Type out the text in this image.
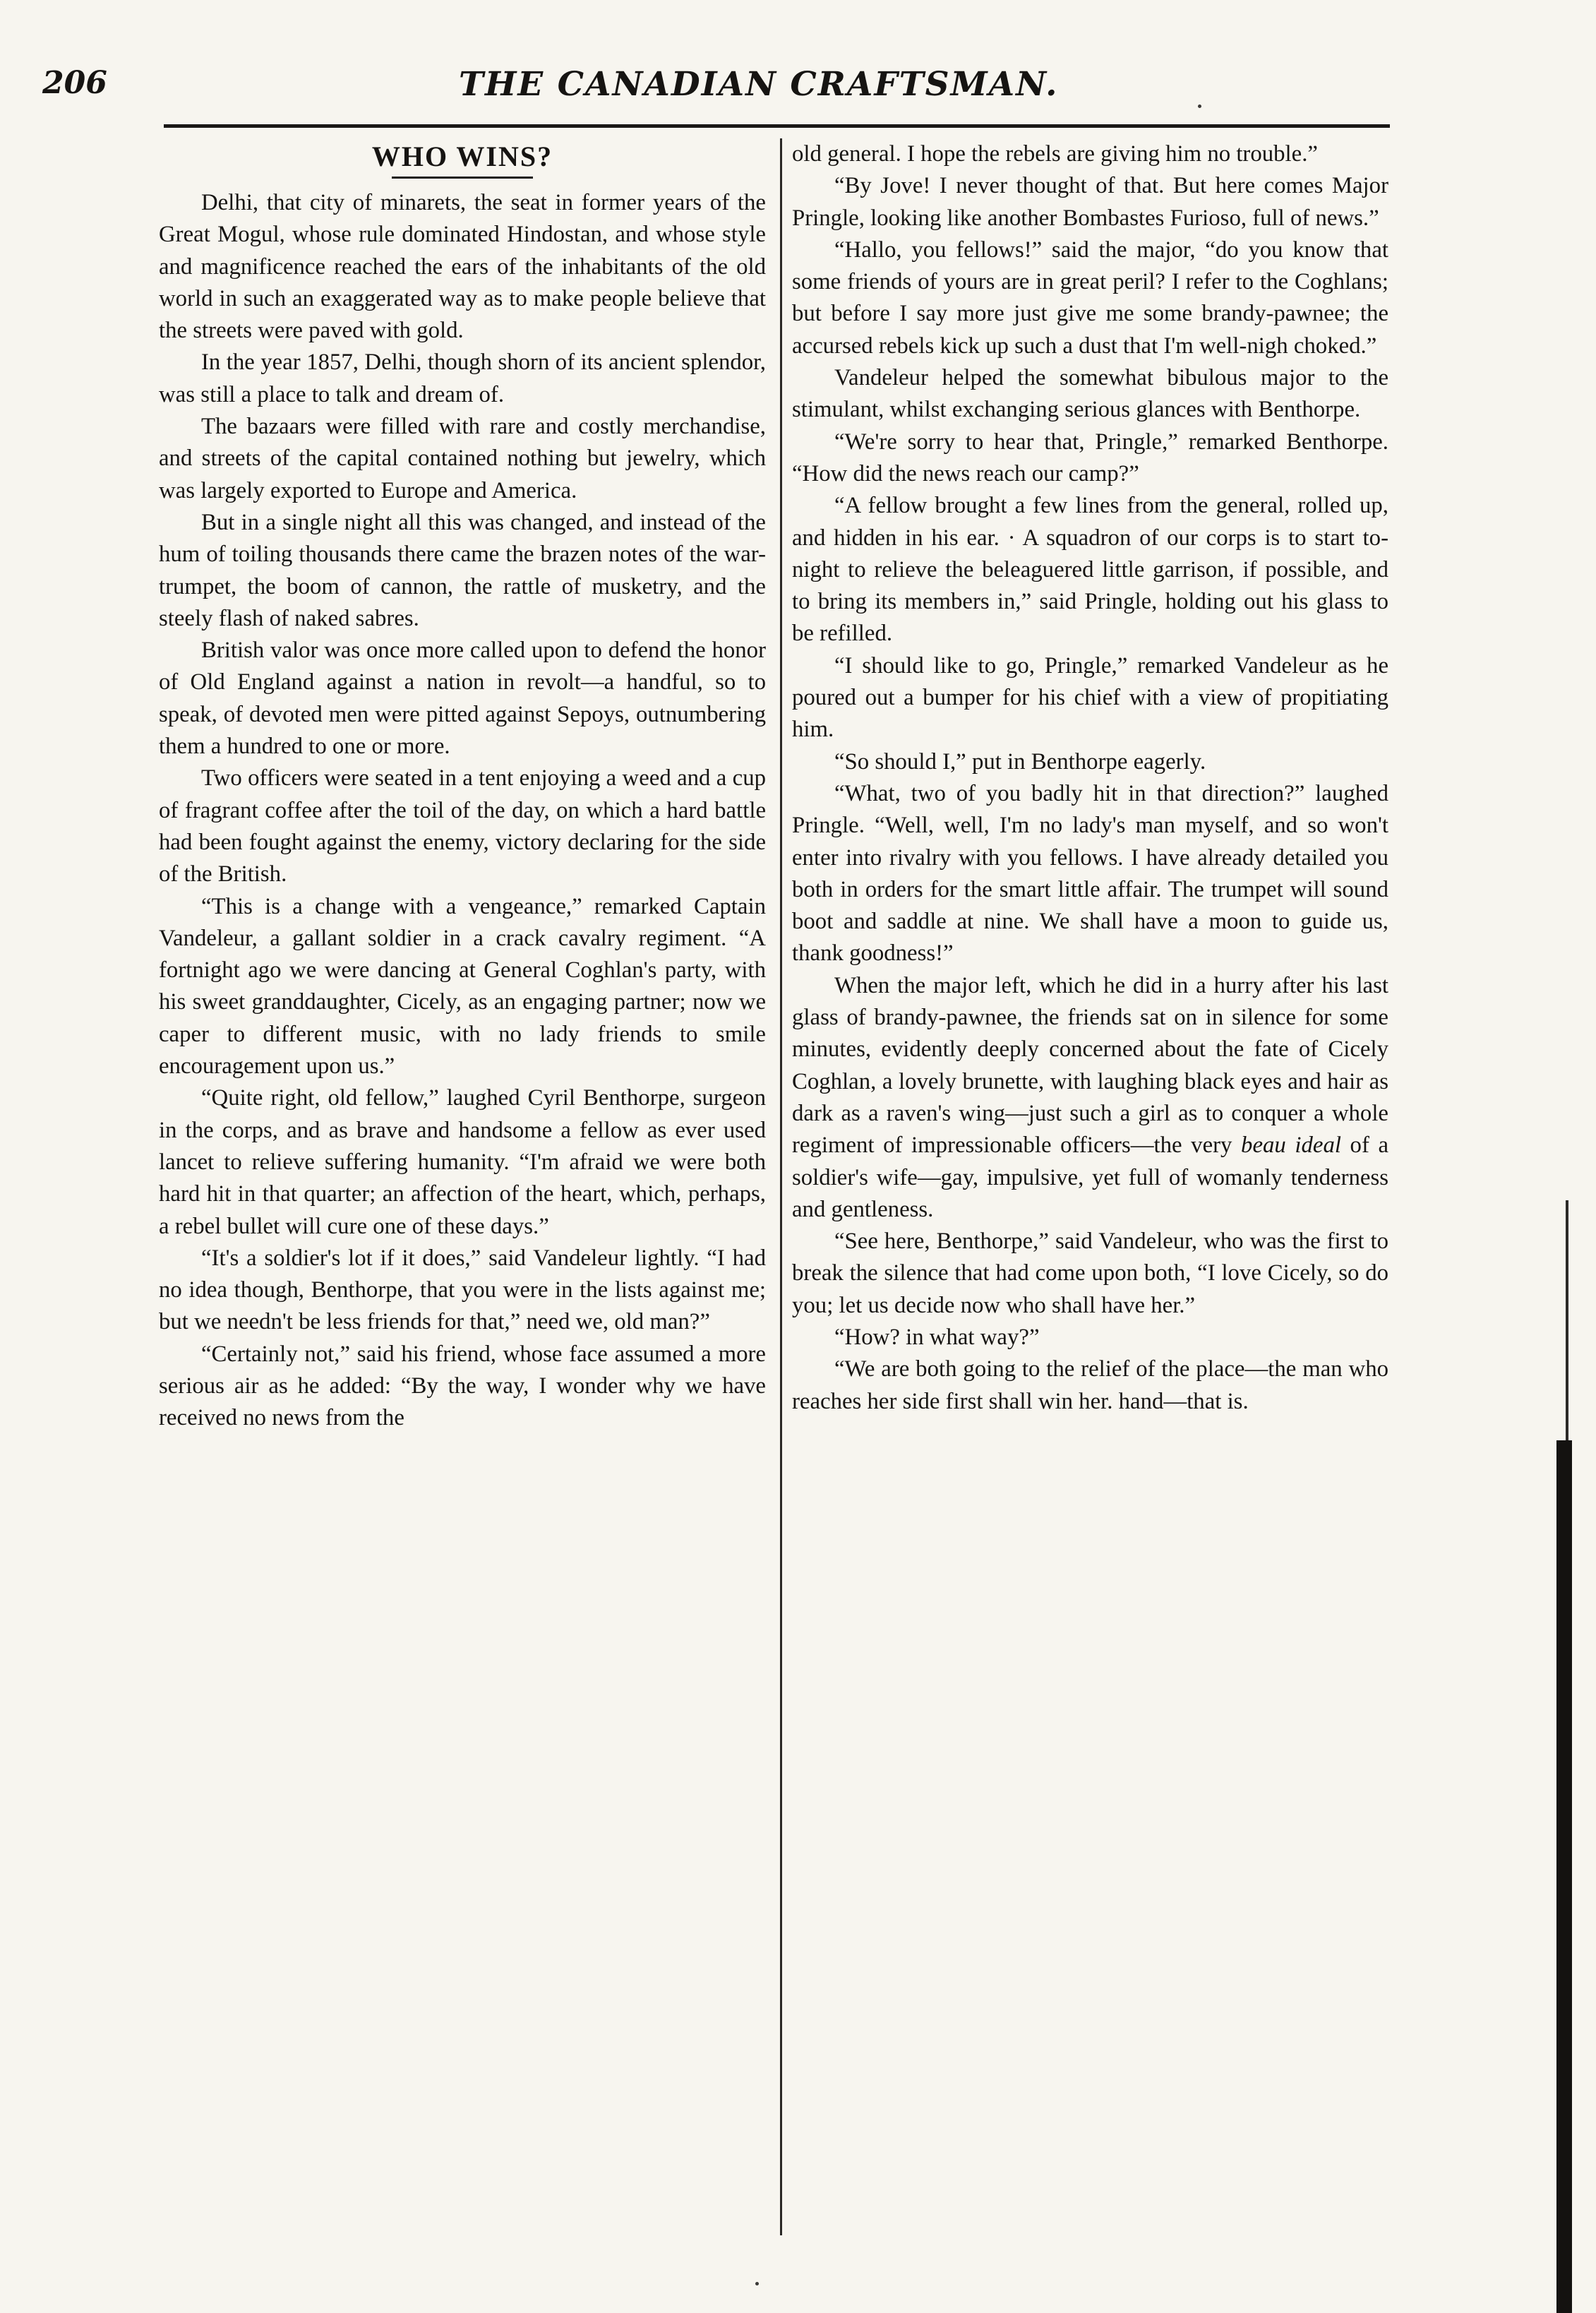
206	THE CANADIAN CRAFTSMAN.
WHO WINS?

Delhi, that city of minarets, the seat in former years of the Great Mogul, whose rule dominated Hindostan, and whose style and magnificence reached the ears of the inhabitants of the old world in such an exaggerated way as to make people believe that the streets were paved with gold.

In the year 1857, Delhi, though shorn of its ancient splendor, was still a place to talk and dream of.

The bazaars were filled with rare and costly merchandise, and streets of the capital contained nothing but jewelry, which was largely exported to Europe and America.

But in a single night all this was changed, and instead of the hum of toiling thousands there came the brazen notes of the war-trumpet, the boom of cannon, the rattle of musketry, and the steely flash of naked sabres.

British valor was once more called upon to defend the honor of Old England against a nation in revolt—a handful, so to speak, of devoted men were pitted against Sepoys, outnumbering them a hundred to one or more.

Two officers were seated in a tent enjoying a weed and a cup of fragrant coffee after the toil of the day, on which a hard battle had been fought against the enemy, victory declaring for the side of the British.

“This is a change with a vengeance,” remarked Captain Vandeleur, a gallant soldier in a crack cavalry regiment. “A fortnight ago we were dancing at General Coghlan's party, with his sweet granddaughter, Cicely, as an engaging partner; now we caper to different music, with no lady friends to smile encouragement upon us.”

“Quite right, old fellow,” laughed Cyril Benthorpe, surgeon in the corps, and as brave and handsome a fellow as ever used lancet to relieve suffering humanity. “I'm afraid we were both hard hit in that quarter; an affection of the heart, which, perhaps, a rebel bullet will cure one of these days.”

“It's a soldier's lot if it does,” said Vandeleur lightly. “I had no idea though, Benthorpe, that you were in the lists against me; but we needn't be less friends for that,” need we, old man?”

“Certainly not,” said his friend, whose face assumed a more serious air as he added: “By the way, I wonder why we have received no news from the

old general. I hope the rebels are giving him no trouble.”

“By Jove! I never thought of that. But here comes Major Pringle, looking like another Bombastes Furioso, full of news.”

“Hallo, you fellows!” said the major, “do you know that some friends of yours are in great peril? I refer to the Coghlans; but before I say more just give me some brandy-pawnee; the accursed rebels kick up such a dust that I'm well-nigh choked.”

Vandeleur helped the somewhat bibulous major to the stimulant, whilst exchanging serious glances with Benthorpe.

“We're sorry to hear that, Pringle,” remarked Benthorpe. “How did the news reach our camp?”

“A fellow brought a few lines from the general, rolled up, and hidden in his ear. · A squadron of our corps is to start to-night to relieve the beleaguered little garrison, if possible, and to bring its members in,” said Pringle, holding out his glass to be refilled.

“I should like to go, Pringle,” remarked Vandeleur as he poured out a bumper for his chief with a view of propitiating him.

“So should I,” put in Benthorpe eagerly.

“What, two of you badly hit in that direction?” laughed Pringle. “Well, well, I'm no lady's man myself, and so won't enter into rivalry with you fellows. I have already detailed you both in orders for the smart little affair. The trumpet will sound boot and saddle at nine. We shall have a moon to guide us, thank goodness!”

When the major left, which he did in a hurry after his last glass of brandy-pawnee, the friends sat on in silence for some minutes, evidently deeply concerned about the fate of Cicely Coghlan, a lovely brunette, with laughing black eyes and hair as dark as a raven's wing—just such a girl as to conquer a whole regiment of impressionable officers—the very beau ideal of a soldier's wife—gay, impulsive, yet full of womanly tenderness and gentleness.

“See here, Benthorpe,” said Vandeleur, who was the first to break the silence that had come upon both, “I love Cicely, so do you; let us decide now who shall have her.”

“How? in what way?”

“We are both going to the relief of the place—the man who reaches her side first shall win her. hand—that is.
